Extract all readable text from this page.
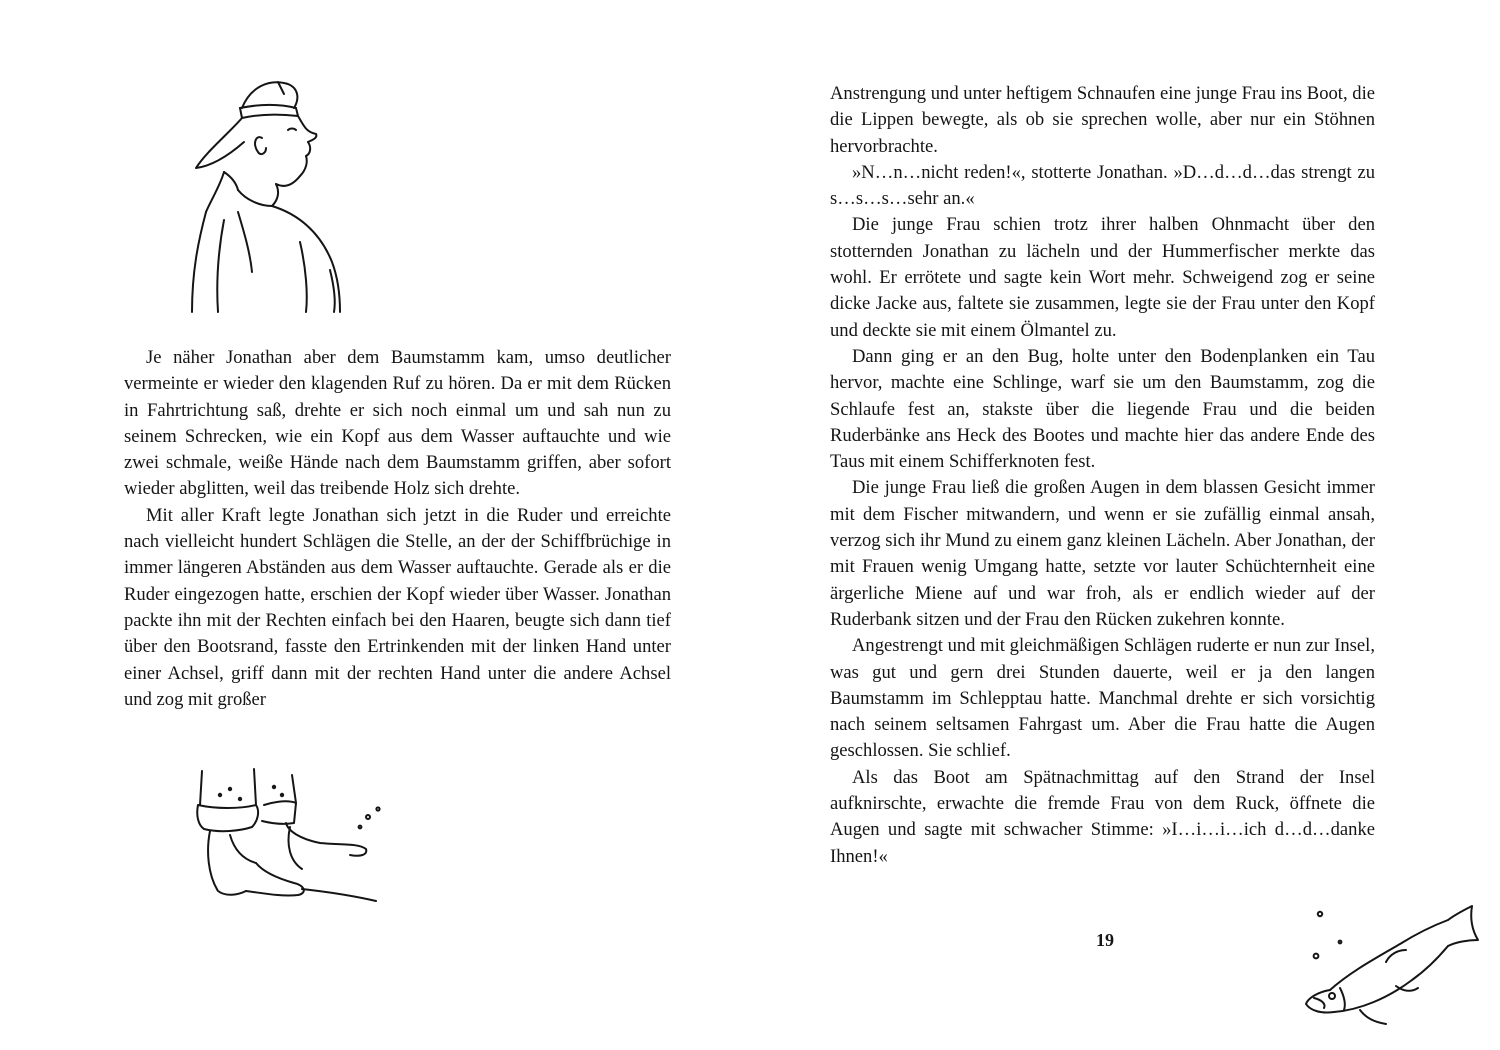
Je näher Jonathan aber dem Baumstamm kam, umso deutlicher vermeinte er wieder den klagenden Ruf zu hören. Da er mit dem Rücken in Fahrtrichtung saß, drehte er sich noch einmal um und sah nun zu seinem Schrecken, wie ein Kopf aus dem Wasser auftauchte und wie zwei schmale, weiße Hände nach dem Baumstamm griffen, aber sofort wieder abglitten, weil das treibende Holz sich drehte.

Mit aller Kraft legte Jonathan sich jetzt in die Ruder und erreichte nach vielleicht hundert Schlägen die Stelle, an der der Schiffbrüchige in immer längeren Abständen aus dem Wasser auftauchte. Gerade als er die Ruder eingezogen hatte, erschien der Kopf wieder über Wasser. Jonathan packte ihn mit der Rechten einfach bei den Haaren, beugte sich dann tief über den Bootsrand, fasste den Ertrinkenden mit der linken Hand unter einer Achsel, griff dann mit der rechten Hand unter die andere Achsel und zog mit großer

Anstrengung und unter heftigem Schnaufen eine junge Frau ins Boot, die die Lippen bewegte, als ob sie sprechen wolle, aber nur ein Stöhnen hervorbrachte.

»N…n…nicht reden!«, stotterte Jonathan. »D…d…d…das strengt zu s…s…s…sehr an.«

Die junge Frau schien trotz ihrer halben Ohnmacht über den stotternden Jonathan zu lächeln und der Hummerfischer merkte das wohl. Er errötete und sagte kein Wort mehr. Schweigend zog er seine dicke Jacke aus, faltete sie zusammen, legte sie der Frau unter den Kopf und deckte sie mit einem Ölmantel zu.

Dann ging er an den Bug, holte unter den Bodenplanken ein Tau hervor, machte eine Schlinge, warf sie um den Baumstamm, zog die Schlaufe fest an, stakste über die liegende Frau und die beiden Ruderbänke ans Heck des Bootes und machte hier das andere Ende des Taus mit einem Schifferknoten fest.

Die junge Frau ließ die großen Augen in dem blassen Gesicht immer mit dem Fischer mitwandern, und wenn er sie zufällig einmal ansah, verzog sich ihr Mund zu einem ganz kleinen Lächeln. Aber Jonathan, der mit Frauen wenig Umgang hatte, setzte vor lauter Schüchternheit eine ärgerliche Miene auf und war froh, als er endlich wieder auf der Ruderbank sitzen und der Frau den Rücken zukehren konnte.

Angestrengt und mit gleichmäßigen Schlägen ruderte er nun zur Insel, was gut und gern drei Stunden dauerte, weil er ja den langen Baumstamm im Schlepptau hatte. Manchmal drehte er sich vorsichtig nach seinem seltsamen Fahrgast um. Aber die Frau hatte die Augen geschlossen. Sie schlief.

Als das Boot am Spätnachmittag auf den Strand der Insel aufknirschte, erwachte die fremde Frau von dem Ruck, öffnete die Augen und sagte mit schwacher Stimme: »I…i…i…ich d…d…danke Ihnen!«

19
